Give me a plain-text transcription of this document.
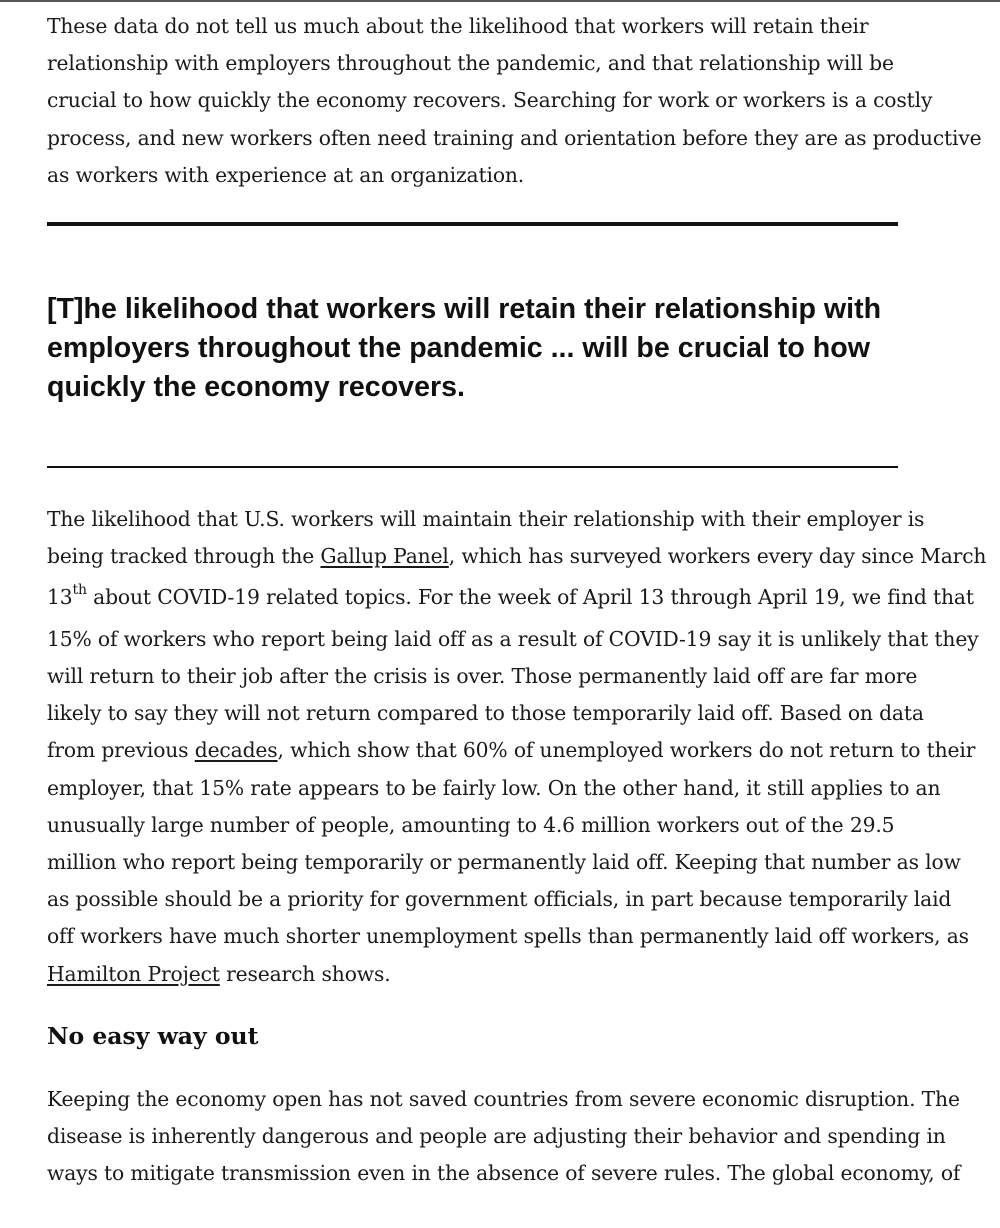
These data do not tell us much about the likelihood that workers will retain their
relationship with employers throughout the pandemic, and that relationship will be
crucial to how quickly the economy recovers. Searching for work or workers is a costly
process, and new workers often need training and orientation before they are as productive
as workers with experience at an organization.

[T]he likelihood that workers will retain their relationship with
employers throughout the pandemic ... will be crucial to how
quickly the economy recovers.

The likelihood that U.S. workers will maintain their relationship with their employer is
being tracked through the Gallup Panel, which has surveyed workers every day since March
13th about COVID-19 related topics. For the week of April 13 through April 19, we find that
15% of workers who report being laid off as a result of COVID-19 say it is unlikely that they
will return to their job after the crisis is over. Those permanently laid off are far more
likely to say they will not return compared to those temporarily laid off. Based on data
from previous decades, which show that 60% of unemployed workers do not return to their
employer, that 15% rate appears to be fairly low. On the other hand, it still applies to an
unusually large number of people, amounting to 4.6 million workers out of the 29.5
million who report being temporarily or permanently laid off. Keeping that number as low
as possible should be a priority for government officials, in part because temporarily laid
off workers have much shorter unemployment spells than permanently laid off workers, as
Hamilton Project research shows.

No easy way out

Keeping the economy open has not saved countries from severe economic disruption. The
disease is inherently dangerous and people are adjusting their behavior and spending in
ways to mitigate transmission even in the absence of severe rules. The global economy, of
